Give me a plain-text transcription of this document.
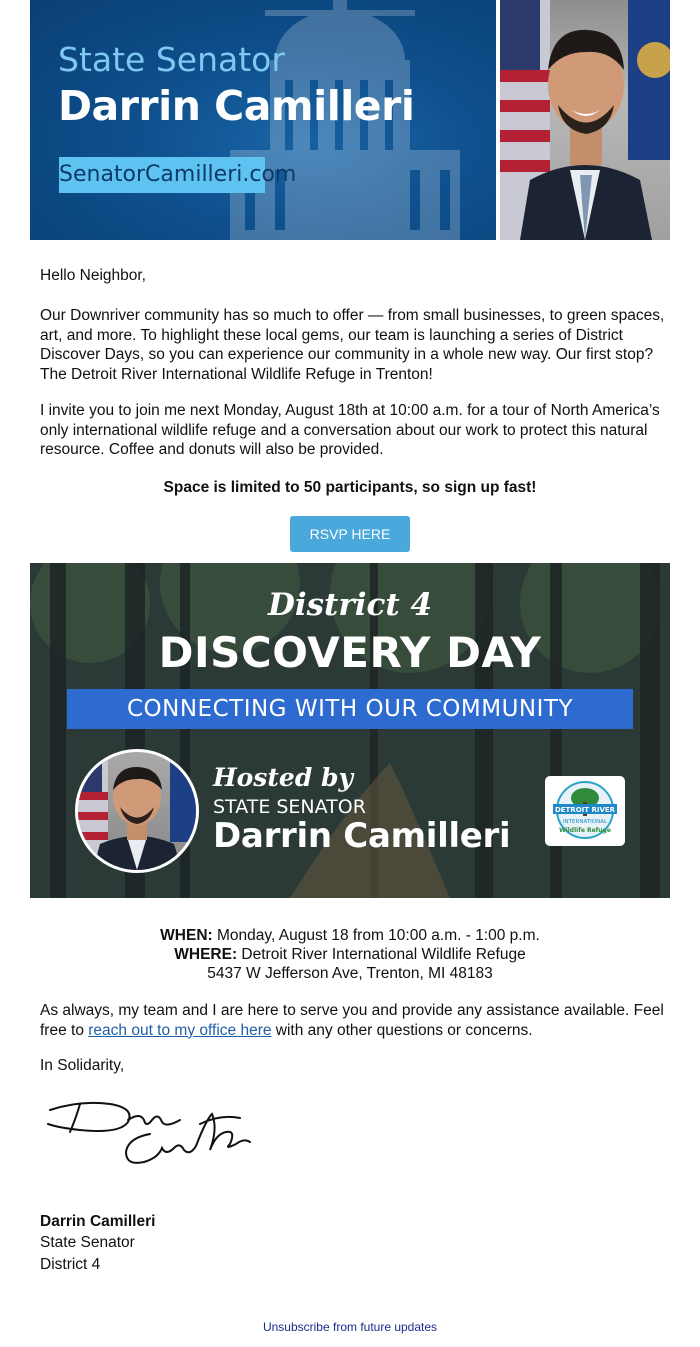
State Senator
Darrin Camilleri
SenatorCamilleri.com
Hello Neighbor,
Our Downriver community has so much to offer — from small businesses, to green spaces, art, and more. To highlight these local gems, our team is launching a series of District Discover Days, so you can experience our community in a whole new way. Our first stop? The Detroit River International Wildlife Refuge in Trenton!
I invite you to join me next Monday, August 18th at 10:00 a.m. for a tour of North America’s only international wildlife refuge and a conversation about our work to protect this natural resource. Coffee and donuts will also be provided.
Space is limited to 50 participants, so sign up fast!
RSVP HERE
District 4
DISCOVERY DAY
CONNECTING WITH OUR COMMUNITY
Hosted by
STATE SENATOR
Darrin Camilleri
DETROIT RIVER
INTERNATIONAL
Wildlife Refuge
WHEN: Monday, August 18 from 10:00 a.m. - 1:00 p.m.
WHERE: Detroit River International Wildlife Refuge
5437 W Jefferson Ave, Trenton, MI 48183
As always, my team and I are here to serve you and provide any assistance available. Feel free to reach out to my office here with any other questions or concerns.
In Solidarity,
Darrin Camilleri
State Senator
District 4
Unsubscribe from future updates
